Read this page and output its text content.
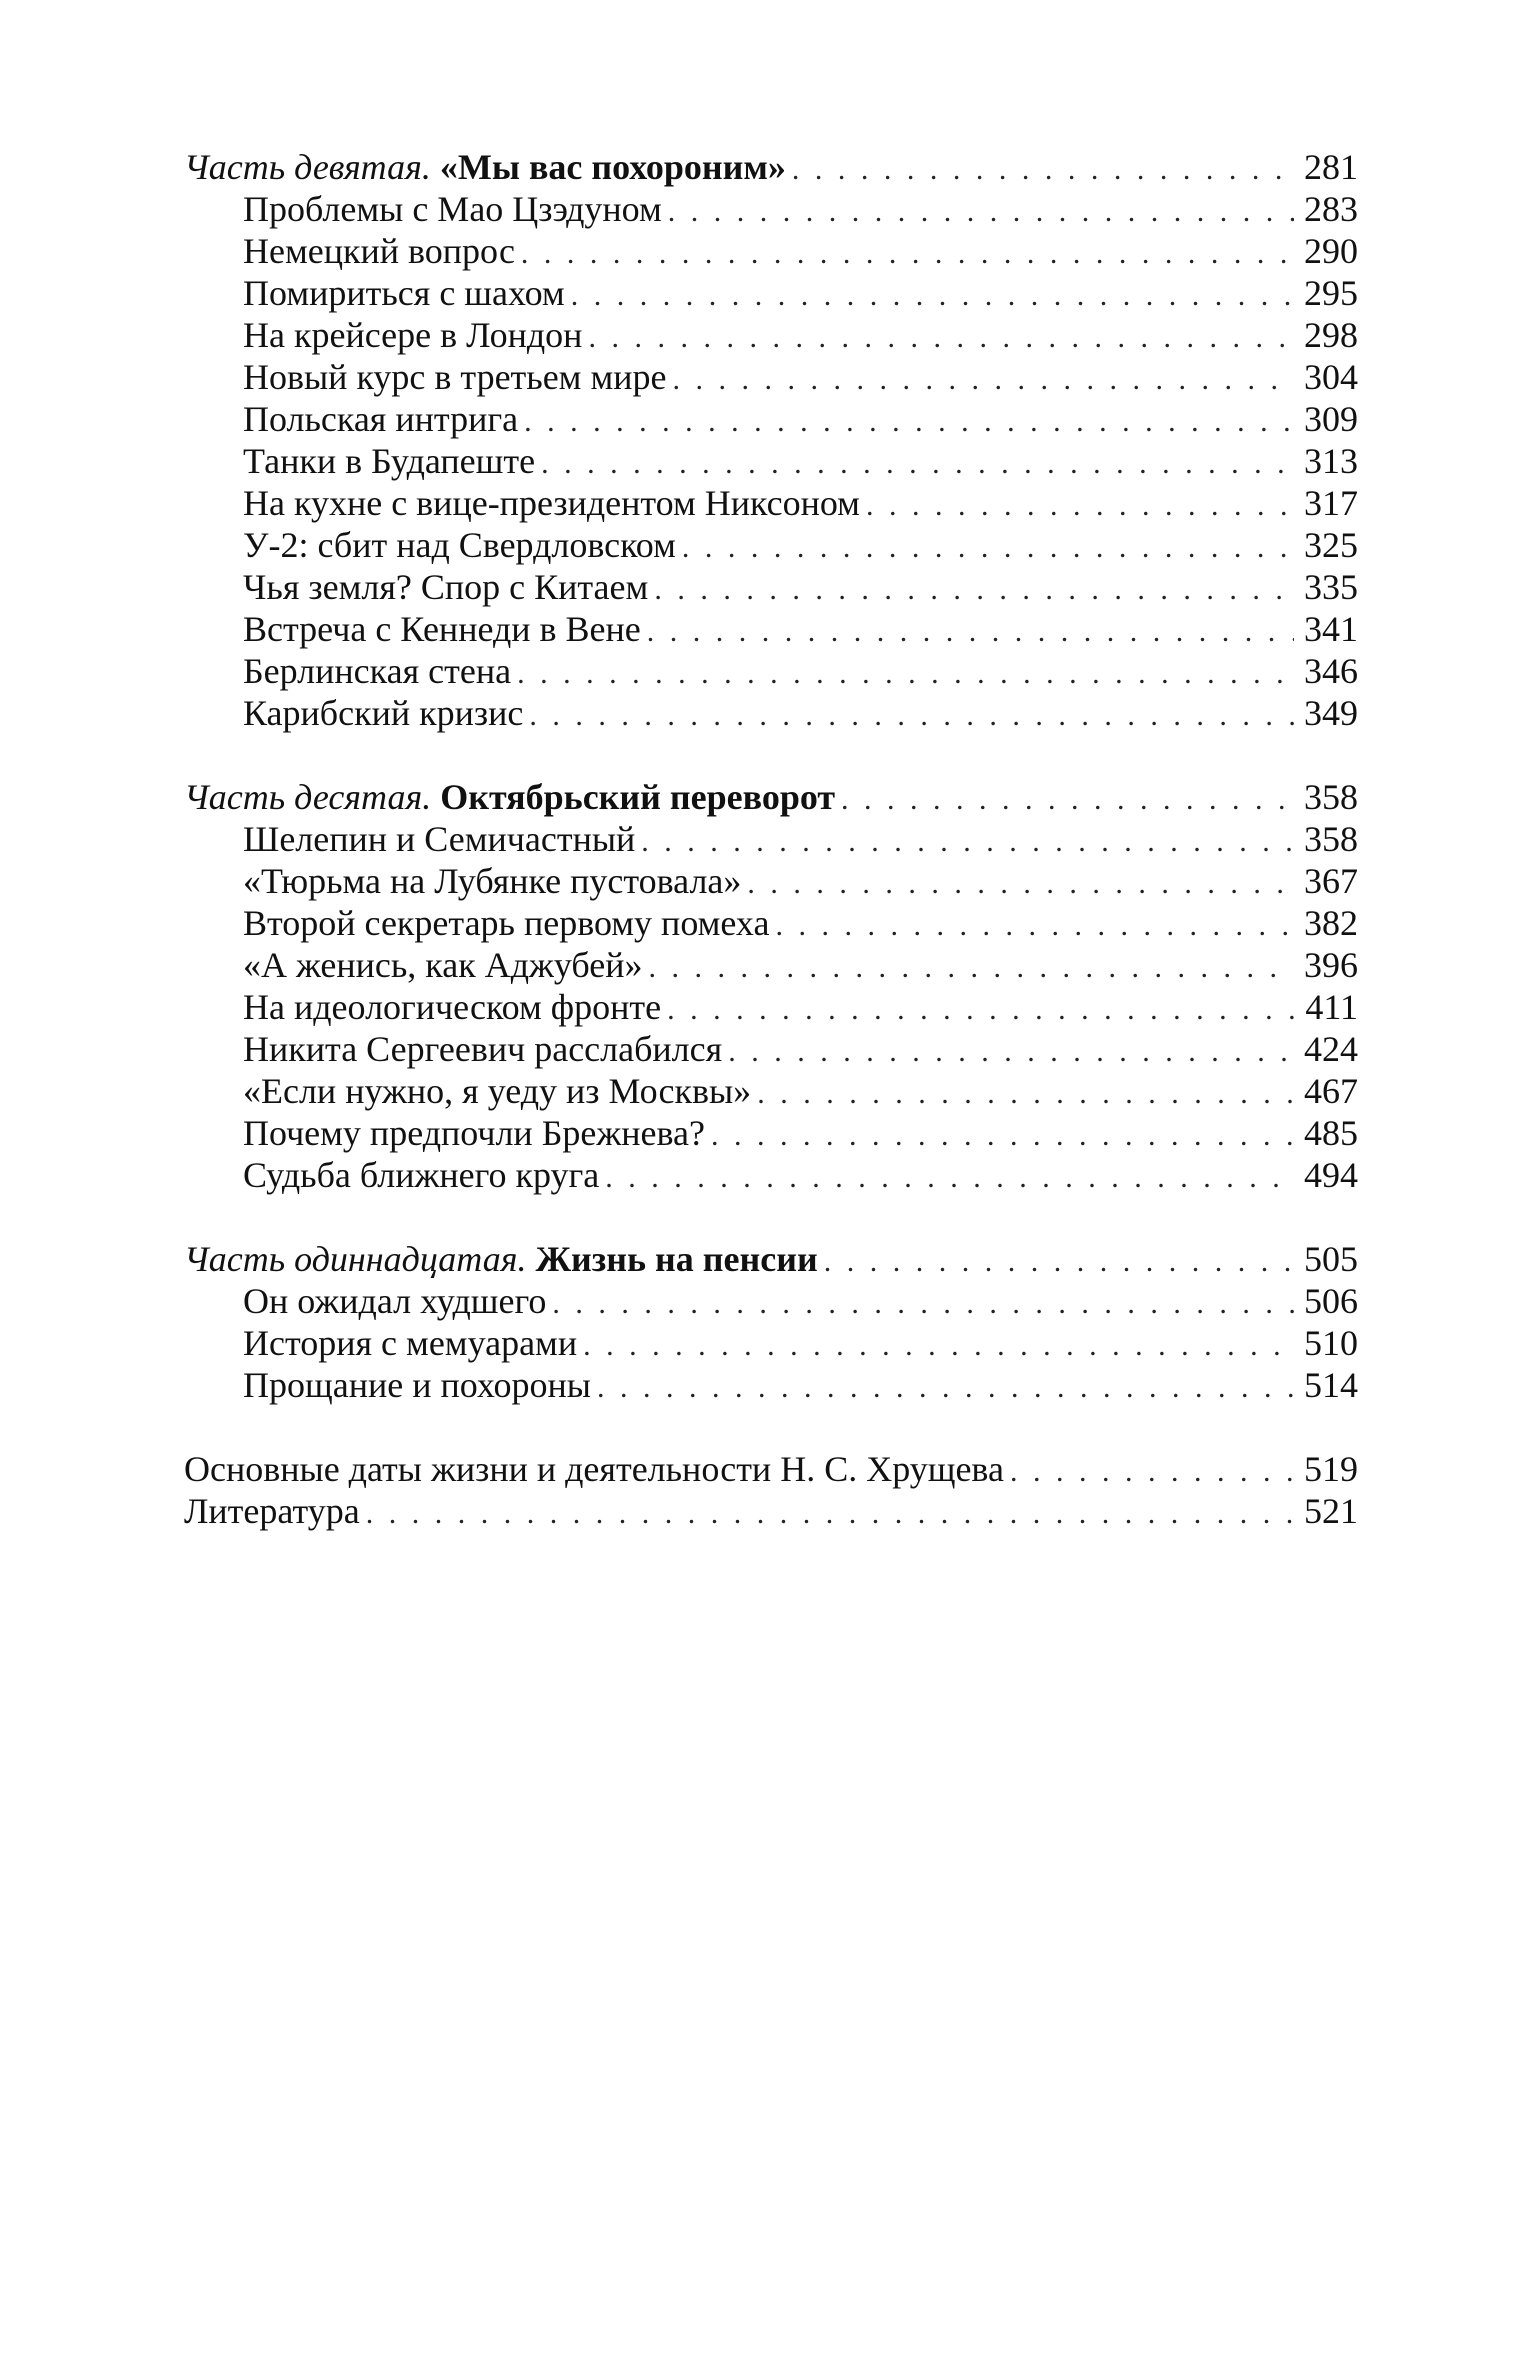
Часть девятая. «Мы вас похороним» . . .	281
Проблемы с Мао Цзэдуном . . .	283
Немецкий вопрос . . .	290
Помириться с шахом . . .	295
На крейсере в Лондон . . .	298
Новый курс в третьем мире . . .	304
Польская интрига . . .	309
Танки в Будапеште . . .	313
На кухне с вице-президентом Никсоном . . .	317
У-2: сбит над Свердловском . . .	325
Чья земля? Спор с Китаем . . .	335
Встреча с Кеннеди в Вене . . .	341
Берлинская стена . . .	346
Карибский кризис . . .	349
Часть десятая. Октябрьский переворот . . .	358
Шелепин и Семичастный . . .	358
«Тюрьма на Лубянке пустовала» . . .	367
Второй секретарь первому помеха . . .	382
«А женись, как Аджубей» . . .	396
На идеологическом фронте . . .	411
Никита Сергеевич расслабился . . .	424
«Если нужно, я уеду из Москвы» . . .	467
Почему предпочли Брежнева? . . .	485
Судьба ближнего круга . . .	494
Часть одиннадцатая. Жизнь на пенсии . . .	505
Он ожидал худшего . . .	506
История с мемуарами . . .	510
Прощание и похороны . . .	514
Основные даты жизни и деятельности Н. С. Хрущева . . .	519
Литература . . .	521
